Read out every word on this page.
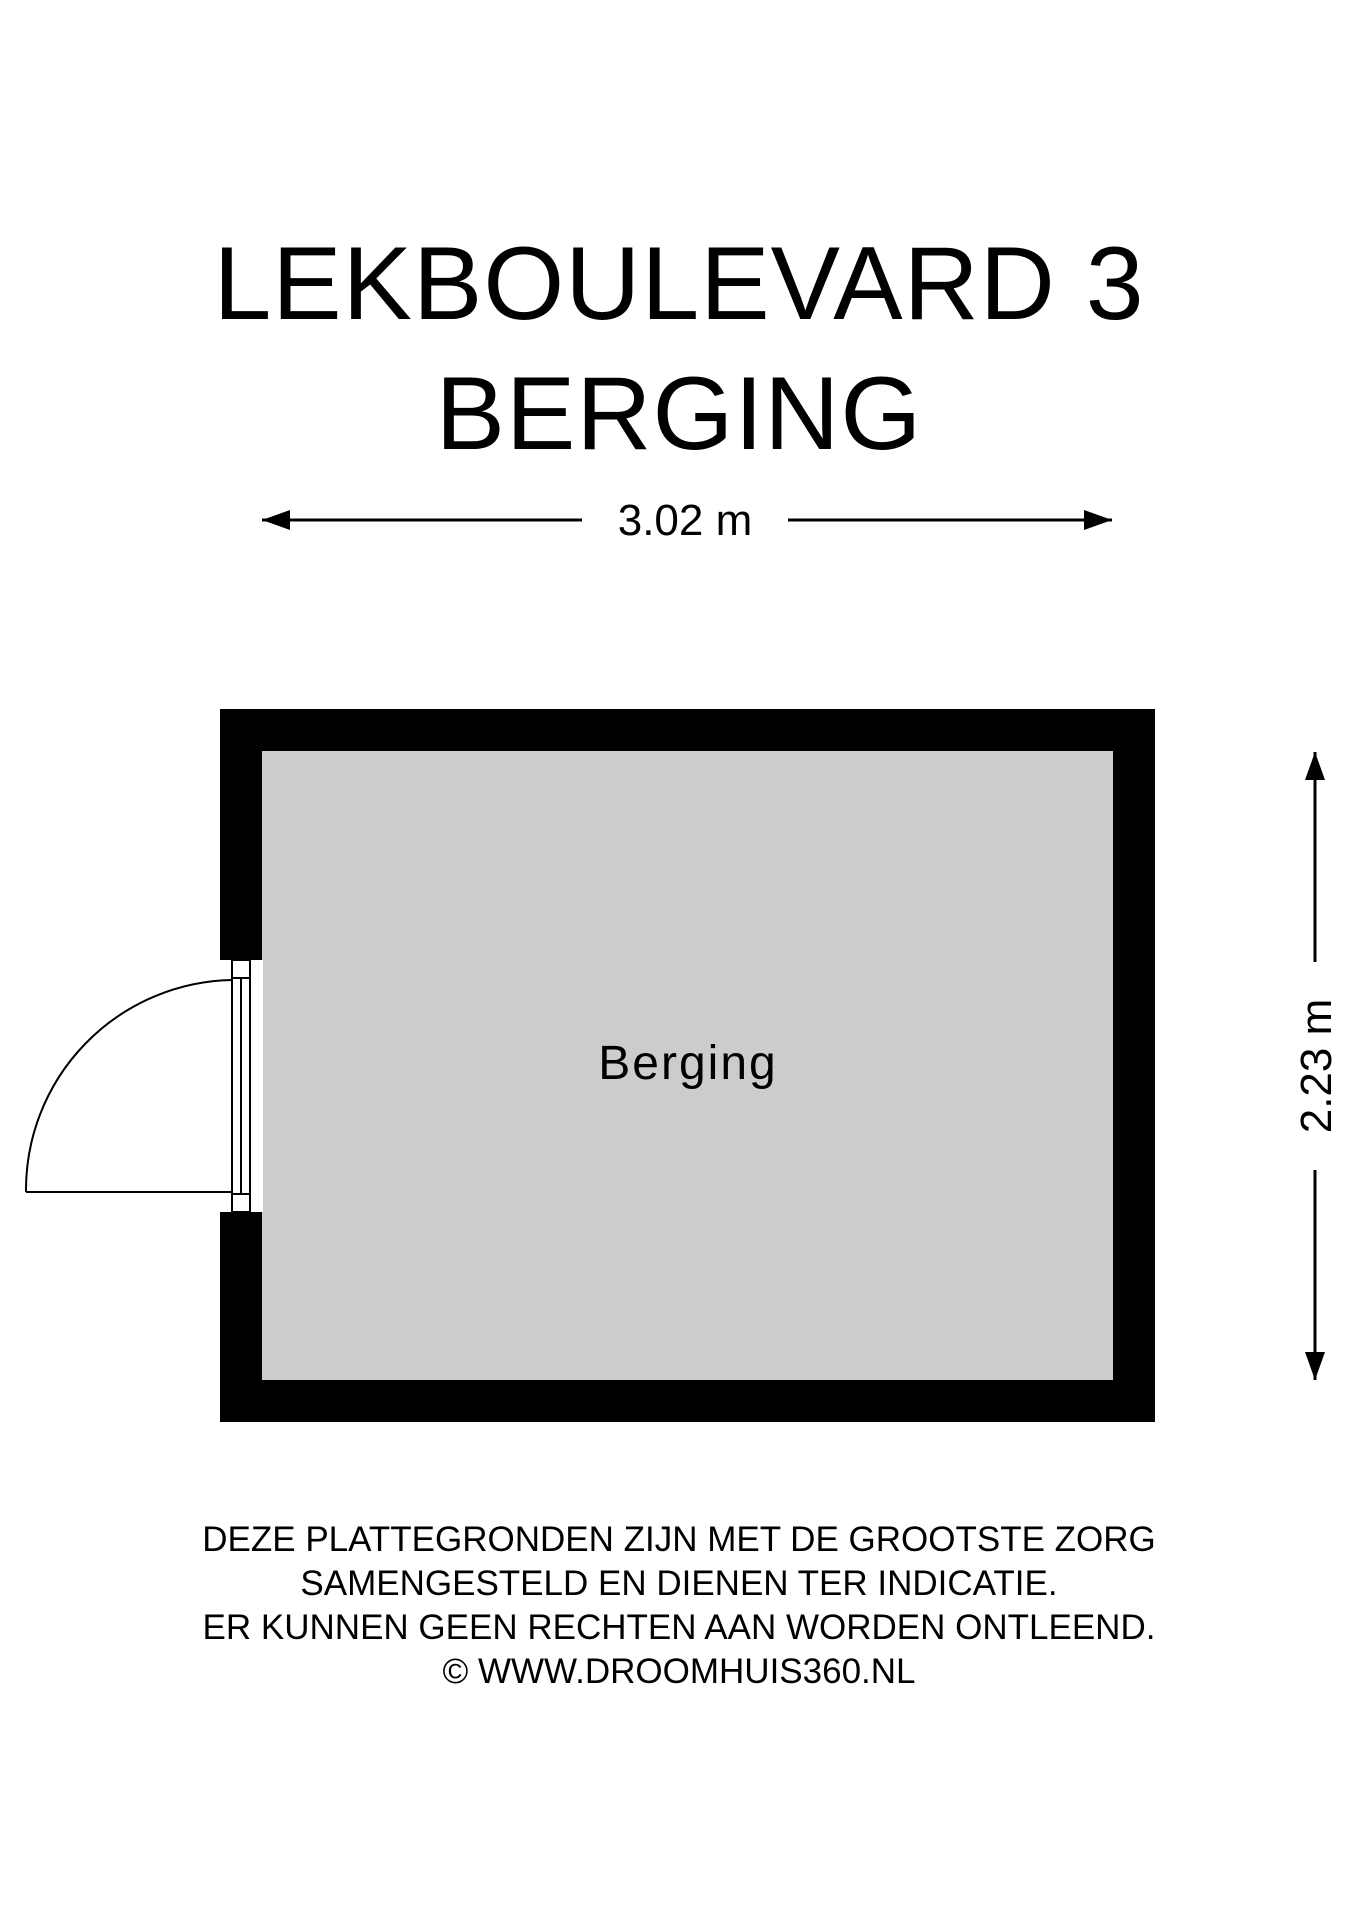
LEKBOULEVARD 3
BERGING
3.02 m
Berging	2.23 m
DEZE PLATTEGRONDEN ZIJN MET DE GROOTSTE ZORG
SAMENGESTELD EN DIENEN TER INDICATIE.
ER KUNNEN GEEN RECHTEN AAN WORDEN ONTLEEND.
© WWW.DROOMHUIS360.NL
